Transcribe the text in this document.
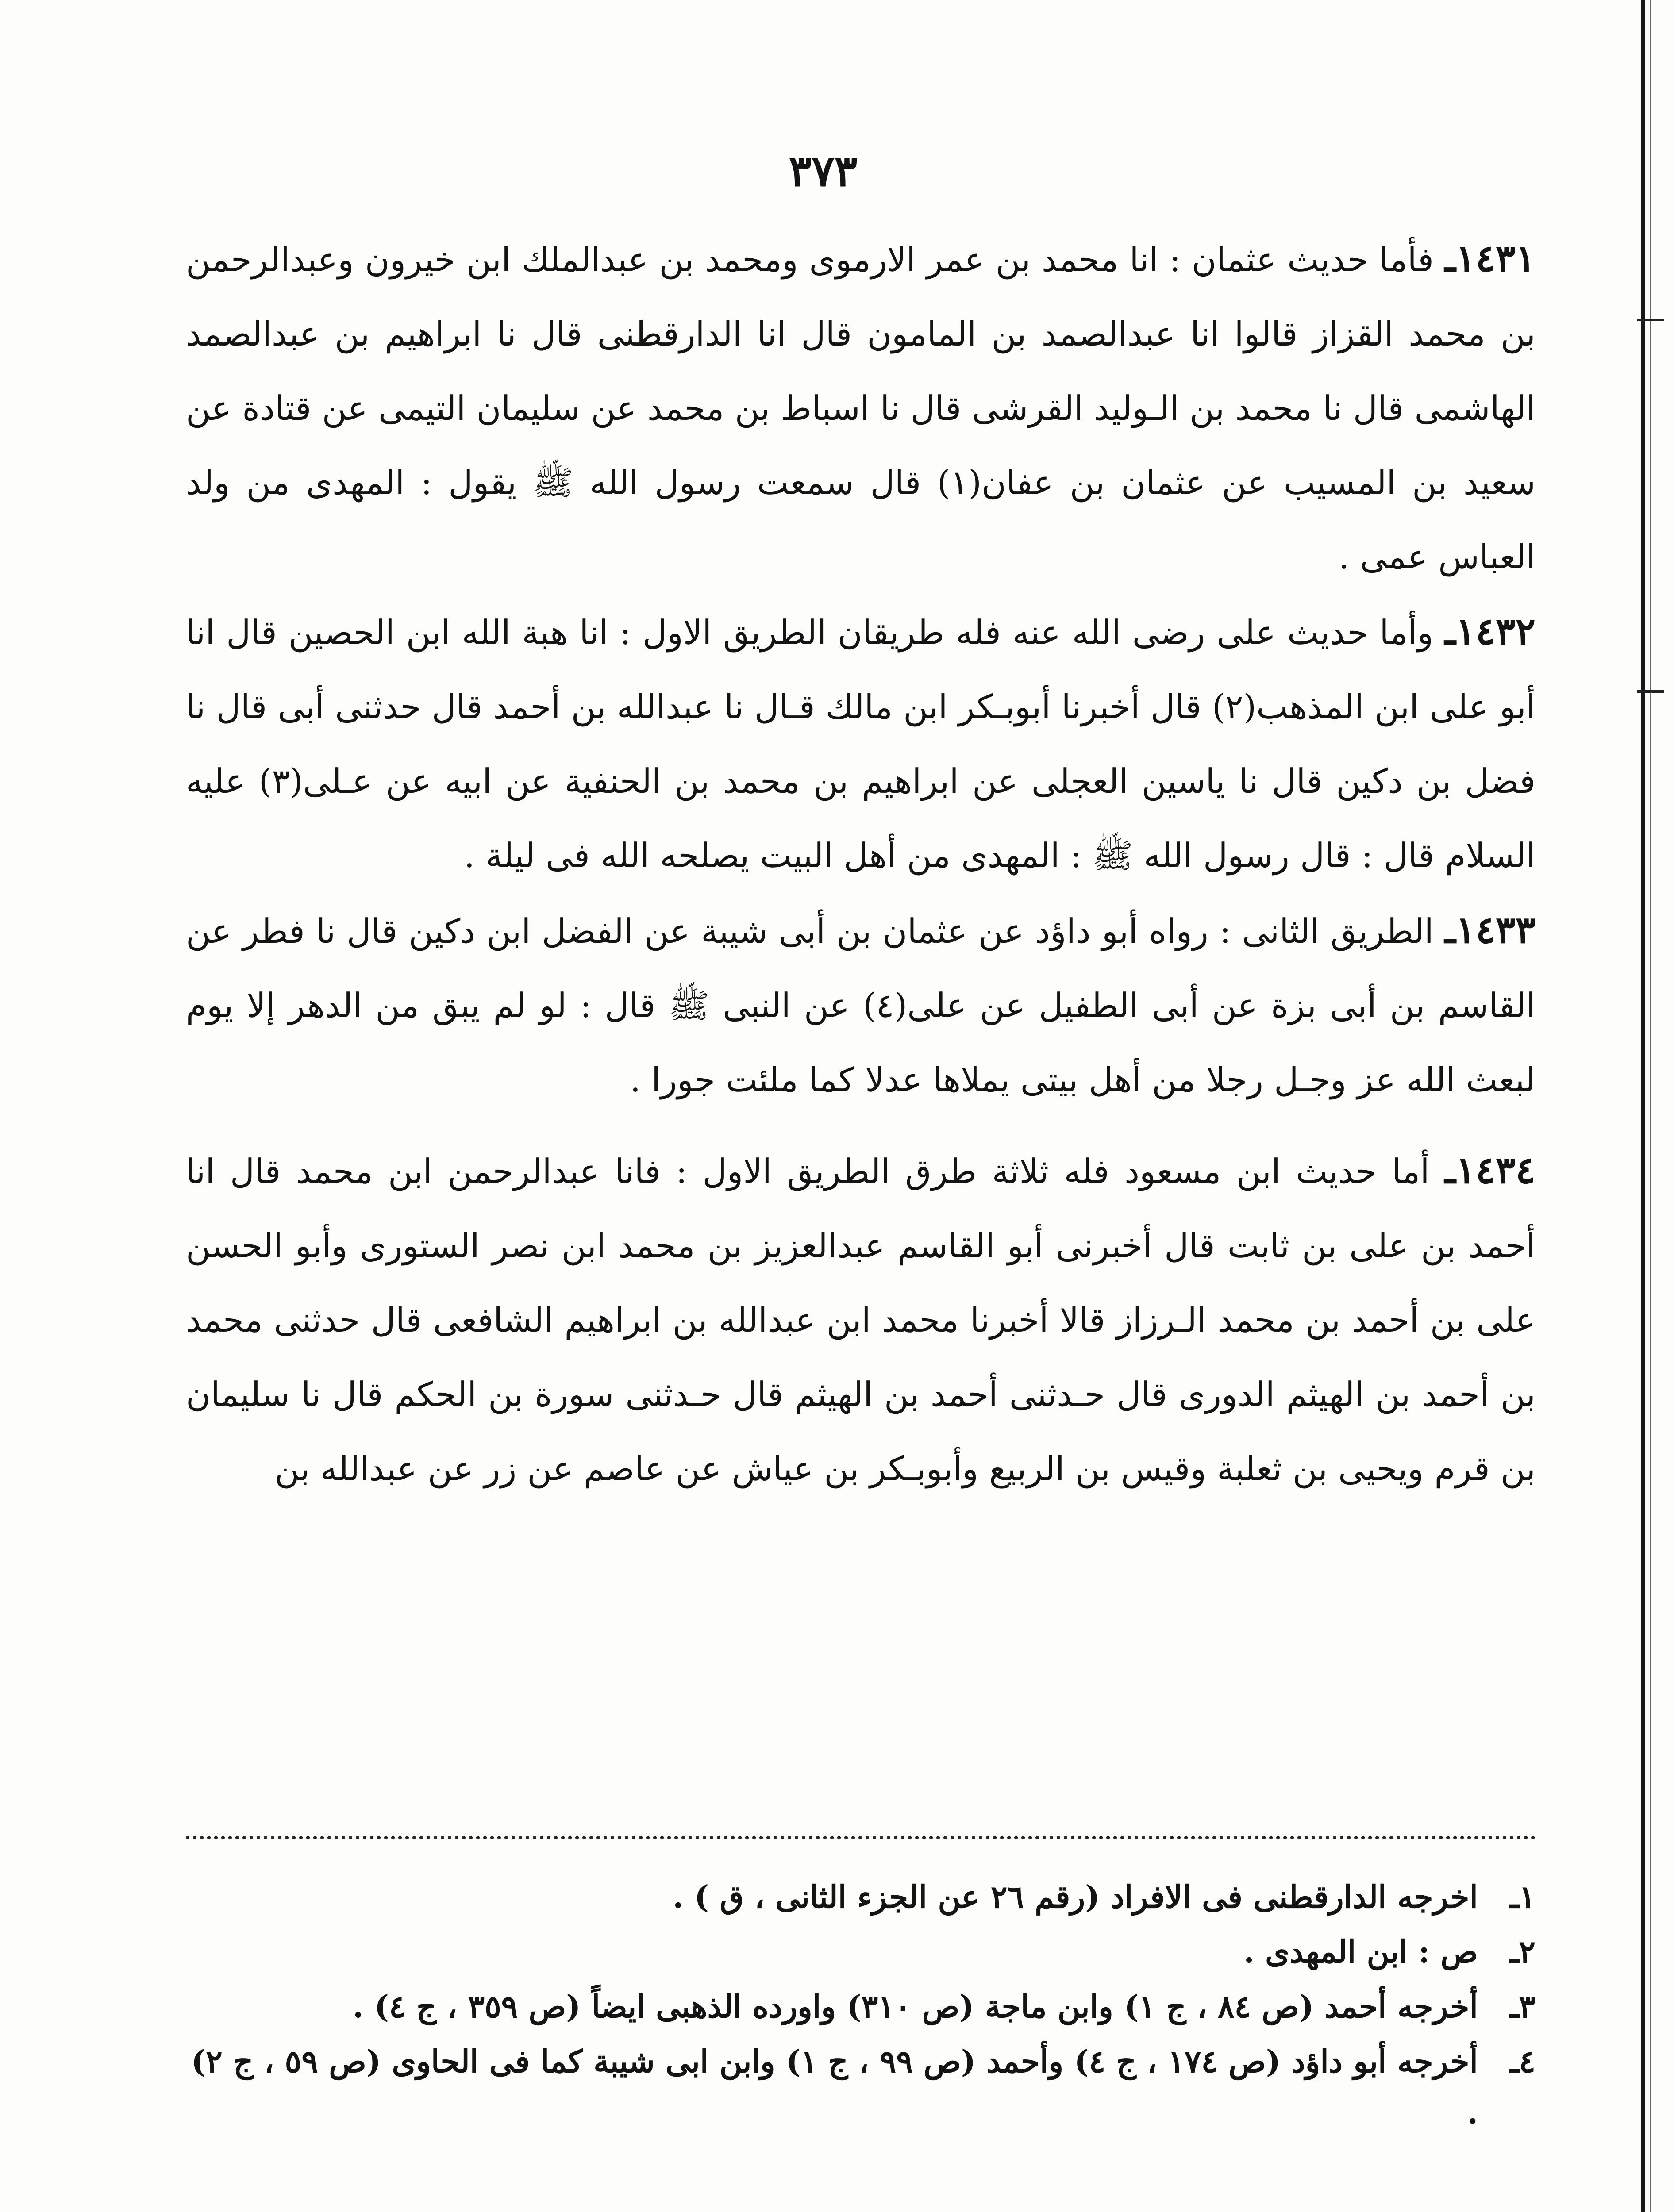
٣٧٣

١٤٣١ـ فأما حديث عثمان : انا محمد بن عمر الارموى ومحمد بن عبدالملك ابن خيرون وعبدالرحمن بن محمد القزاز قالوا انا عبدالصمد بن المامون قال انا الدارقطنى قال نا ابراهيم بن عبدالصمد الهاشمى قال نا محمد بن الـوليد القرشى قال نا اسباط بن محمد عن سليمان التيمى عن قتادة عن سعيد بن المسيب عن عثمان بن عفان(١) قال سمعت رسول الله ﷺ يقول : المهدى من ولد العباس عمى .

١٤٣٢ـ وأما حديث على رضى الله عنه فله طريقان الطريق الاول : انا هبة الله ابن الحصين قال انا أبو على ابن المذهب(٢) قال أخبرنا أبوبـكر ابن مالك قـال نا عبدالله بن أحمد قال حدثنى أبى قال نا فضل بن دكين قال نا ياسين العجلى عن ابراهيم بن محمد بن الحنفية عن ابيه عن عـلى(٣) عليه السلام قال : قال رسول الله ﷺ : المهدى من أهل البيت يصلحه الله فى ليلة .

١٤٣٣ـ الطريق الثانى : رواه أبو داؤد عن عثمان بن أبى شيبة عن الفضل ابن دكين قال نا فطر عن القاسم بن أبى بزة عن أبى الطفيل عن على(٤) عن النبى ﷺ قال : لو لم يبق من الدهر إلا يوم لبعث الله عز وجـل رجلا من أهل بيتى يملاها عدلا كما ملئت جورا .

١٤٣٤ـ أما حديث ابن مسعود فله ثلاثة طرق الطريق الاول : فانا عبدالرحمن ابن محمد قال انا أحمد بن على بن ثابت قال أخبرنى أبو القاسم عبدالعزيز بن محمد ابن نصر الستورى وأبو الحسن على بن أحمد بن محمد الـرزاز قالا أخبرنا محمد ابن عبدالله بن ابراهيم الشافعى قال حدثنى محمد بن أحمد بن الهيثم الدورى قال حـدثنى أحمد بن الهيثم قال حـدثنى سورة بن الحكم قال نا سليمان بن قرم ويحيى بن ثعلبة وقيس بن الربيع وأبوبـكر بن عياش عن عاصم عن زر عن عبدالله بن

١ـ
اخرجه الدارقطنى فى الافراد (رقم ٢٦ عن الجزء الثانى ، ق ) .

٢ـ
ص : ابن المهدى .

٣ـ
أخرجه أحمد (ص ٨٤ ، ج ١) وابن ماجة (ص ٣١٠) واورده الذهبى ايضاً (ص ٣٥٩ ، ج ٤) .

٤ـ
أخرجه أبو داؤد (ص ١٧٤ ، ج ٤) وأحمد (ص ٩٩ ، ج ١) وابن ابى شيبة كما فى الحاوى (ص ٥٩ ، ج ٢) .
